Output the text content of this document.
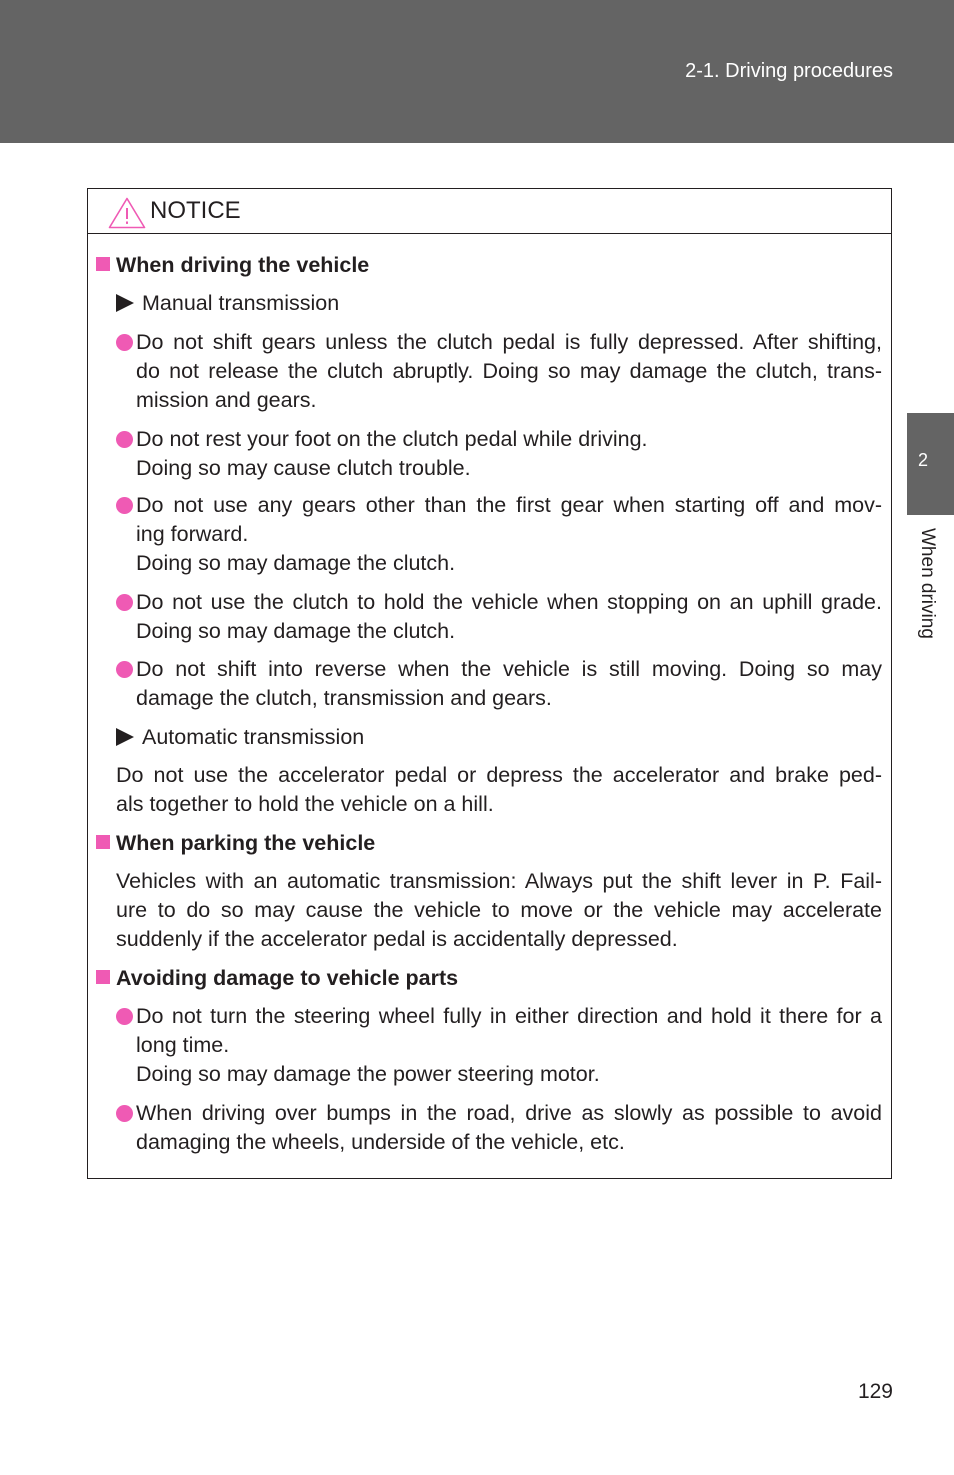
2-1. Driving procedures
2
When driving
NOTICE
When driving the vehicle
Manual transmission
Do not shift gears unless the clutch pedal is fully depressed. After shifting,
do not release the clutch abruptly. Doing so may damage the clutch, trans-
mission and gears.
Do not rest your foot on the clutch pedal while driving.
Doing so may cause clutch trouble.
Do not use any gears other than the first gear when starting off and mov-
ing forward.
Doing so may damage the clutch.
Do not use the clutch to hold the vehicle when stopping on an uphill grade.
Doing so may damage the clutch.
Do not shift into reverse when the vehicle is still moving. Doing so may
damage the clutch, transmission and gears.
Automatic transmission
Do not use the accelerator pedal or depress the accelerator and brake ped-
als together to hold the vehicle on a hill.
When parking the vehicle
Vehicles with an automatic transmission: Always put the shift lever in P. Fail-
ure to do so may cause the vehicle to move or the vehicle may accelerate
suddenly if the accelerator pedal is accidentally depressed.
Avoiding damage to vehicle parts
Do not turn the steering wheel fully in either direction and hold it there for a
long time.
Doing so may damage the power steering motor.
When driving over bumps in the road, drive as slowly as possible to avoid
damaging the wheels, underside of the vehicle, etc.
129
